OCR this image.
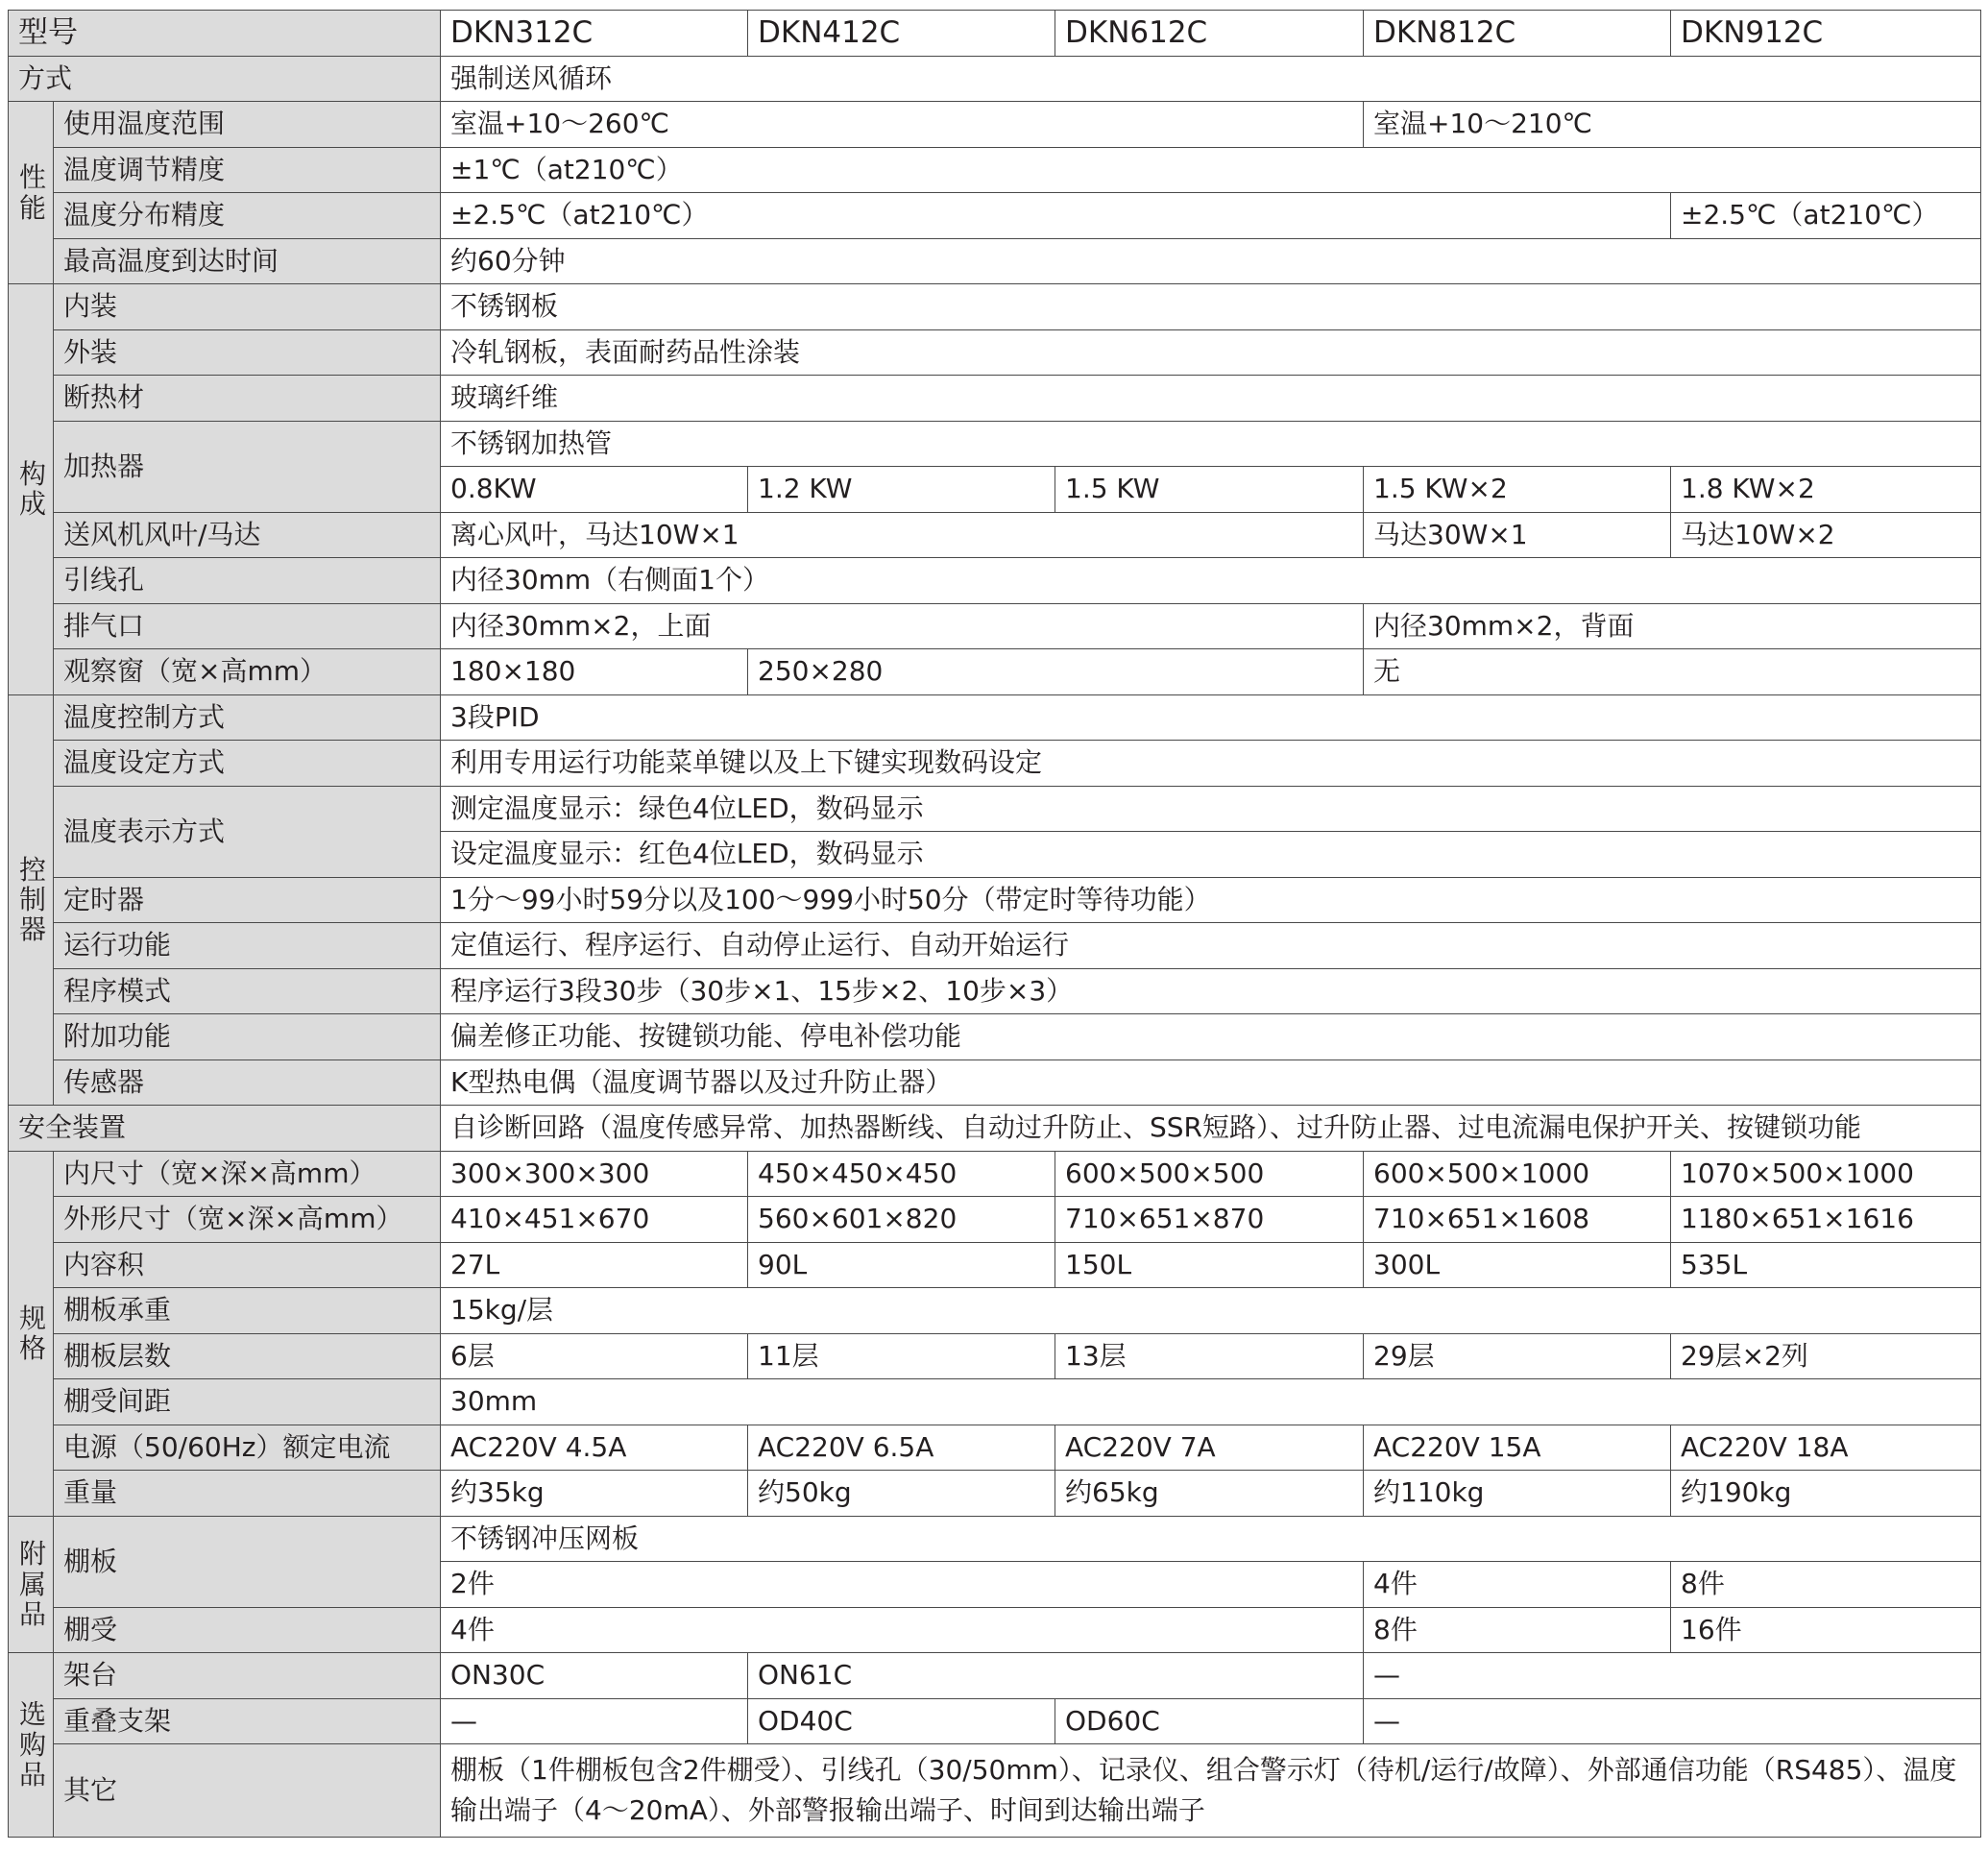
型号		DKN312C	DKN412C	DKN612C	DKN812C	DKN912C
方式		强制送风循环				

性能	使用温度范围	室温+10～260℃			室温+10～210℃	
	温度调节精度	±1℃（at210℃）				
	温度分布精度	±2.5℃（at210℃）				±2.5℃（at210℃）
	最高温度到达时间	约60分钟				

构成	内装	不锈钢板				
	外装	冷轧钢板，表面耐药品性涂装				
	断热材	玻璃纤维				
	加热器	不锈钢加热管				
		0.8KW	1.2 KW	1.5 KW	1.5 KW×2	1.8 KW×2
	送风机风叶/马达	离心风叶，马达10W×1			马达30W×1	马达10W×2
	引线孔	内径30mm（右侧面1个）				
	排气口	内径30mm×2，上面			内径30mm×2，背面	
	观察窗（宽×高mm）	180×180	250×280		无	

控制器	温度控制方式	3段PID				
	温度设定方式	利用专用运行功能菜单键以及上下键实现数码设定				
	温度表示方式	测定温度显示：绿色4位LED，数码显示				
		设定温度显示：红色4位LED，数码显示				
	定时器	1分～99小时59分以及100～999小时50分（带定时等待功能）				
	运行功能	定值运行、程序运行、自动停止运行、自动开始运行				
	程序模式	程序运行3段30步（30步×1、15步×2、10步×3）				
	附加功能	偏差修正功能、按键锁功能、停电补偿功能				
	传感器	K型热电偶（温度调节器以及过升防止器）				
安全装置		自诊断回路（温度传感异常、加热器断线、自动过升防止、SSR短路）、过升防止器、过电流漏电保护开关、按键锁功能				

规格	内尺寸（宽×深×高mm）	300×300×300	450×450×450	600×500×500	600×500×1000	1070×500×1000
	外形尺寸（宽×深×高mm）	410×451×670	560×601×820	710×651×870	710×651×1608	1180×651×1616
	内容积	27L	90L	150L	300L	535L
	棚板承重	15kg/层				
	棚板层数	6层	11层	13层	29层	29层×2列
	棚受间距	30mm				
	电源（50/60Hz）额定电流	AC220V 4.5A	AC220V 6.5A	AC220V 7A	AC220V 15A	AC220V 18A
	重量	约35kg	约50kg	约65kg	约110kg	约190kg

附属品	棚板	不锈钢冲压网板				
		2件			4件	8件
	棚受	4件			8件	16件

选购品	架台	ON30C	ON61C		—	
	重叠支架	—	OD40C	OD60C	—	
	其它	棚板（1件棚板包含2件棚受）、引线孔（30/50mm）、记录仪、组合警示灯（待机/运行/故障）、外部通信功能（RS485）、温度输出端子（4～20mA）、外部警报输出端子、时间到达输出端子				
